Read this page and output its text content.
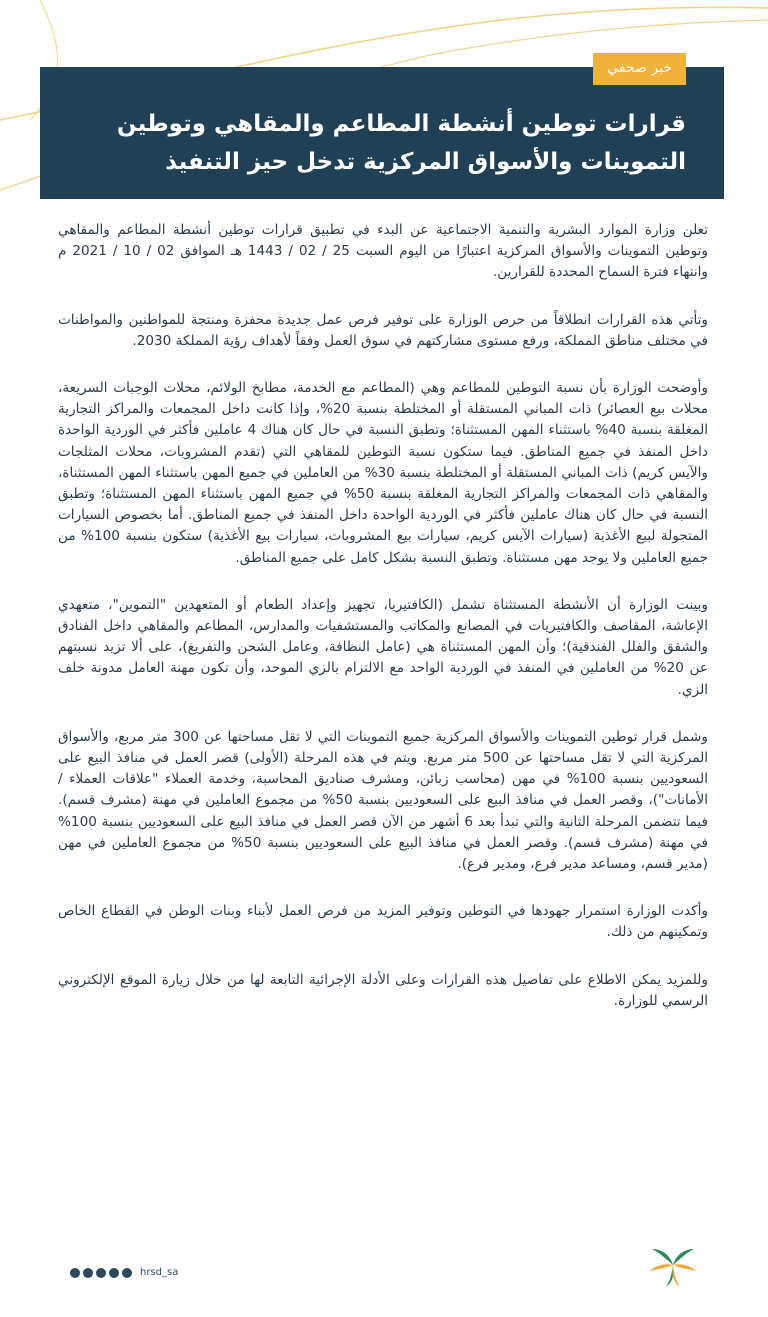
خبر صحفي
قرارات توطين أنشطة المطاعم والمقاهي وتوطين التموينات والأسواق المركزية تدخل حيز التنفيذ

تعلن وزارة الموارد البشرية والتنمية الاجتماعية عن البدء في تطبيق قرارات توطين أنشطة المطاعم والمقاهي وتوطين التموينات والأسواق المركزية اعتبارًا من اليوم السبت 25 / 02 / 1443 هـ الموافق 02 / 10 / 2021 م وانتهاء فترة السماح المحددة للقرارين.

وتأتي هذه القرارات انطلاقاً من حرص الوزارة على توفير فرص عمل جديدة محفزة ومنتجة للمواطنين والمواطنات في مختلف مناطق المملكة، ورفع مستوى مشاركتهم في سوق العمل وفقاً لأهداف رؤية المملكة 2030.

وأوضحت الوزارة بأن نسبة التوطين للمطاعم وهي (المطاعم مع الخدمة، مطابخ الولائم، محلات الوجبات السريعة، محلات بيع العصائر) ذات المباني المستقلة أو المختلطة بنسبة 20%، وإذا كانت داخل المجمعات والمراكز التجارية المغلقة بنسبة 40% باستثناء المهن المستثناة؛ وتطبق النسبة في حال كان هناك 4 عاملين فأكثر في الوردية الواحدة داخل المنفذ في جميع المناطق. فيما ستكون نسبة التوطين للمقاهي التي (تقدم المشروبات، محلات المثلجات والآيس كريم) ذات المباني المستقلة أو المختلطة بنسبة 30% من العاملين في جميع المهن باستثناء المهن المستثناة، والمقاهي ذات المجمعات والمراكز التجارية المغلقة بنسبة 50% في جميع المهن باستثناء المهن المستثناة؛ وتطبق النسبة في حال كان هناك عاملين فأكثر في الوردية الواحدة داخل المنفذ في جميع المناطق. أما بخصوص السيارات المتجولة لبيع الأغذية (سيارات الآيس كريم، سيارات بيع المشروبات، سيارات بيع الأغذية) ستكون بنسبة 100% من جميع العاملين ولا يوجد مهن مستثناة. وتطبق النسبة بشكل كامل على جميع المناطق.

وبينت الوزارة أن الأنشطة المستثناة تشمل (الكافتيريا، تجهيز وإعداد الطعام أو المتعهدين "التموين"، متعهدي الإعاشة، المقاصف والكافتيريات في المصانع والمكاتب والمستشفيات والمدارس، المطاعم والمقاهي داخل الفنادق والشقق والفلل الفندقية)؛ وأن المهن المستثناة هي (عامل النظافة، وعامل الشحن والتفريغ)، على ألا تزيد نسبتهم عن 20% من العاملين في المنفذ في الوردية الواحد مع الالتزام بالزي الموحد، وأن تكون مهنة العامل مدونة خلف الزي.

وشمل قرار توطين التموينات والأسواق المركزية جميع التموينات التي لا تقل مساحتها عن 300 متر مربع، والأسواق المركزية التي لا تقل مساحتها عن 500 متر مربع. ويتم في هذه المرحلة (الأولى) قصر العمل في منافذ البيع على السعوديين بنسبة 100% في مهن (محاسب زبائن، ومشرف صناديق المحاسبة، وخدمة العملاء "علاقات العملاء / الأمانات")، وقصر العمل في منافذ البيع على السعوديين بنسبة 50% من مجموع العاملين في مهنة (مشرف قسم). فيما تتضمن المرحلة الثانية والتي تبدأ بعد 6 أشهر من الآن قصر العمل في منافذ البيع على السعوديين بنسبة 100% في مهنة (مشرف قسم). وقصر العمل في منافذ البيع على السعوديين بنسبة 50% من مجموع العاملين في مهن (مدير قسم، ومساعد مدير فرع، ومدير فرع).

وأكدت الوزارة استمرار جهودها في التوطين وتوفير المزيد من فرص العمل لأبناء وبنات الوطن في القطاع الخاص وتمكينهم من ذلك.

وللمزيد يمكن الاطلاع على تفاصيل هذه القرارات وعلى الأدلة الإجرائية التابعة لها من خلال زيارة الموقع الإلكتروني الرسمي للوزارة.

hrsd_sa
